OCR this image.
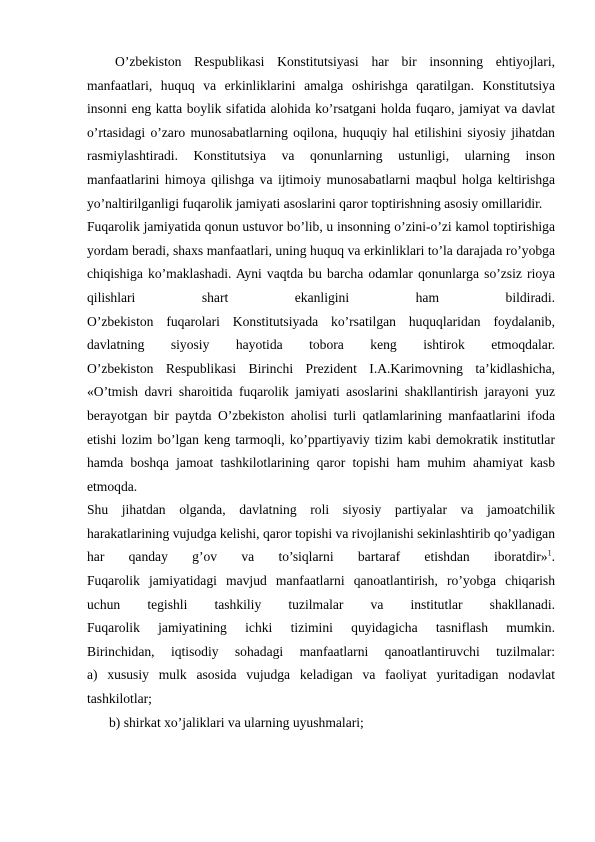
O’zbekiston Respublikasi Konstitutsiyasi har bir insonning ehtiyojlari, manfaatlari, huquq va erkinliklarini amalga oshirishga qaratilgan. Konstitutsiya insonni eng katta boylik sifatida alohida ko’rsatgani holda fuqaro, jamiyat va davlat o’rtasidagi o’zaro munosabatlarning oqilona, huquqiy hal etilishini siyosiy jihatdan rasmiylashtiradi. Konstitutsiya va qonunlarning ustunligi, ularning inson manfaatlarini himoya qilishga va ijtimoiy munosabatlarni maqbul holga keltirishga yo’naltirilganligi fuqarolik jamiyati asoslarini qaror toptirishning asosiy omillaridir.

Fuqarolik jamiyatida qonun ustuvor bo’lib, u insonning o’zini-o’zi kamol toptirishiga yordam beradi, shaxs manfaatlari, uning huquq va erkinliklari to’la darajada ro’yobga chiqishiga ko’maklashadi. Ayni vaqtda bu barcha odamlar qonunlarga so’zsiz rioya qilishlari shart ekanligini ham bildiradi.

O’zbekiston fuqarolari Konstitutsiyada ko’rsatilgan huquqlaridan foydalanib, davlatning siyosiy hayotida tobora keng ishtirok etmoqdalar.

O’zbekiston Respublikasi Birinchi Prezident I.A.Karimovning ta’kidlashicha, «O’tmish davri sharoitida fuqarolik jamiyati asoslarini shakllantirish jarayoni yuz berayotgan bir paytda O’zbekiston aholisi turli qatlamlarining manfaatlarini ifoda etishi lozim bo’lgan keng tarmoqli, ko’ppartiyaviy tizim kabi demokratik institutlar hamda boshqa jamoat tashkilotlarining qaror topishi ham muhim ahamiyat kasb etmoqda.

Shu jihatdan olganda, davlatning roli siyosiy partiyalar va jamoatchilik harakatlarining vujudga kelishi, qaror topishi va rivojlanishi sekinlashtirib qo’yadigan har qanday g’ov va to’siqlarni bartaraf etishdan iboratdir»$^1$.

Fuqarolik jamiyatidagi mavjud manfaatlarni qanoatlantirish, ro’yobga chiqarish uchun tegishli tashkiliy tuzilmalar va institutlar shakllanadi.

Fuqarolik jamiyatining ichki tizimini quyidagicha tasniflash mumkin.

Birinchidan, iqtisodiy sohadagi manfaatlarni qanoatlantiruvchi tuzilmalar:

a) xususiy mulk asosida vujudga keladigan va faoliyat yuritadigan nodavlat tashkilotlar;

b) shirkat xo’jaliklari va ularning uyushmalari;
